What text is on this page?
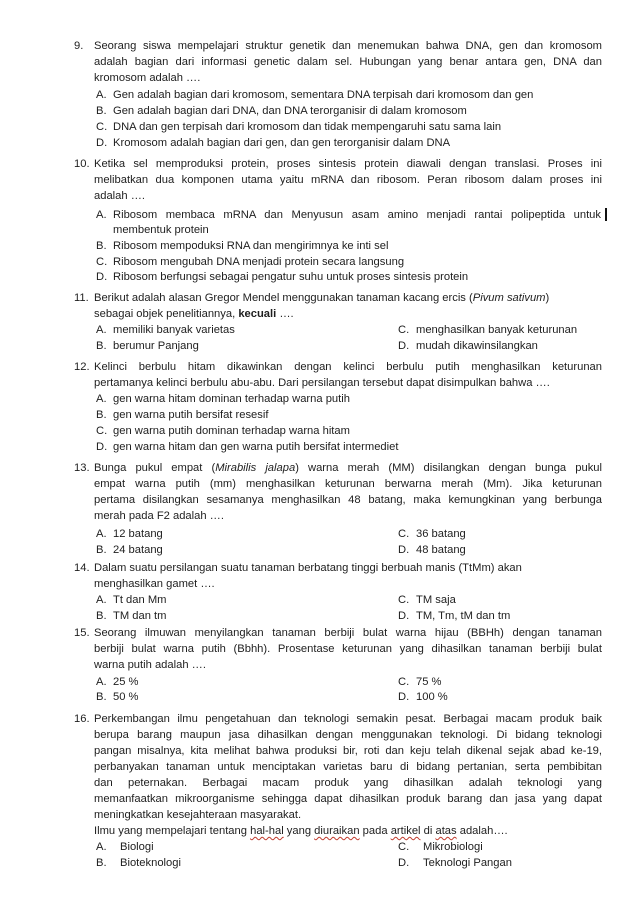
9. Seorang siswa mempelajari struktur genetik dan menemukan bahwa DNA, gen dan kromosom
adalah bagian dari informasi genetic dalam sel. Hubungan yang benar antara gen, DNA dan
kromosom adalah ….
A. Gen adalah bagian dari kromosom, sementara DNA terpisah dari kromosom dan gen
B. Gen adalah bagian dari DNA, dan DNA terorganisir di dalam kromosom
C. DNA dan gen terpisah dari kromosom dan tidak mempengaruhi satu sama lain
D. Kromosom adalah bagian dari gen, dan gen terorganisir dalam DNA
10. Ketika sel memproduksi protein, proses sintesis protein diawali dengan translasi. Proses ini
melibatkan dua komponen utama yaitu mRNA dan ribosom. Peran ribosom dalam proses ini
adalah ….
A. Ribosom membaca mRNA dan Menyusun asam amino menjadi rantai polipeptida untuk
membentuk protein
B. Ribosom mempoduksi RNA dan mengirimnya ke inti sel
C. Ribosom mengubah DNA menjadi protein secara langsung
D. Ribosom berfungsi sebagai pengatur suhu untuk proses sintesis protein
11. Berikut adalah alasan Gregor Mendel menggunakan tanaman kacang ercis (Pivum sativum)
sebagai objek penelitiannya, kecuali ….
A. memiliki banyak varietas	C. menghasilkan banyak keturunan
B. berumur Panjang	D. mudah dikawinsilangkan
12. Kelinci berbulu hitam dikawinkan dengan kelinci berbulu putih menghasilkan keturunan
pertamanya kelinci berbulu abu-abu. Dari persilangan tersebut dapat disimpulkan bahwa ….
A. gen warna hitam dominan terhadap warna putih
B. gen warna putih bersifat resesif
C. gen warna putih dominan terhadap warna hitam
D. gen warna hitam dan gen warna putih bersifat intermediet
13. Bunga pukul empat (Mirabilis jalapa) warna merah (MM) disilangkan dengan bunga pukul
empat warna putih (mm) menghasilkan keturunan berwarna merah (Mm). Jika keturunan
pertama disilangkan sesamanya menghasilkan 48 batang, maka kemungkinan yang berbunga
merah pada F2 adalah ….
A. 12 batang	C. 36 batang
B. 24 batang	D. 48 batang
14. Dalam suatu persilangan suatu tanaman berbatang tinggi berbuah manis (TtMm) akan
menghasilkan gamet ….
A. Tt dan Mm	C. TM saja
B. TM dan tm	D. TM, Tm, tM dan tm
15. Seorang ilmuwan menyilangkan tanaman berbiji bulat warna hijau (BBHh) dengan tanaman
berbiji bulat warna putih (Bbhh). Prosentase keturunan yang dihasilkan tanaman berbiji bulat
warna putih adalah ….
A. 25 %	C. 75 %
B. 50 %	D. 100 %
16. Perkembangan ilmu pengetahuan dan teknologi semakin pesat. Berbagai macam produk baik
berupa barang maupun jasa dihasilkan dengan menggunakan teknologi. Di bidang teknologi
pangan misalnya, kita melihat bahwa produksi bir, roti dan keju telah dikenal sejak abad ke-19,
perbanyakan tanaman untuk menciptakan varietas baru di bidang pertanian, serta pembibitan
dan peternakan. Berbagai macam produk yang dihasilkan adalah teknologi yang
memanfaatkan mikroorganisme sehingga dapat dihasilkan produk barang dan jasa yang dapat
meningkatkan kesejahteraan masyarakat.
Ilmu yang mempelajari tentang hal-hal yang diuraikan pada artikel di atas adalah….
A. Biologi	C. Mikrobiologi
B. Bioteknologi	D. Teknologi Pangan
